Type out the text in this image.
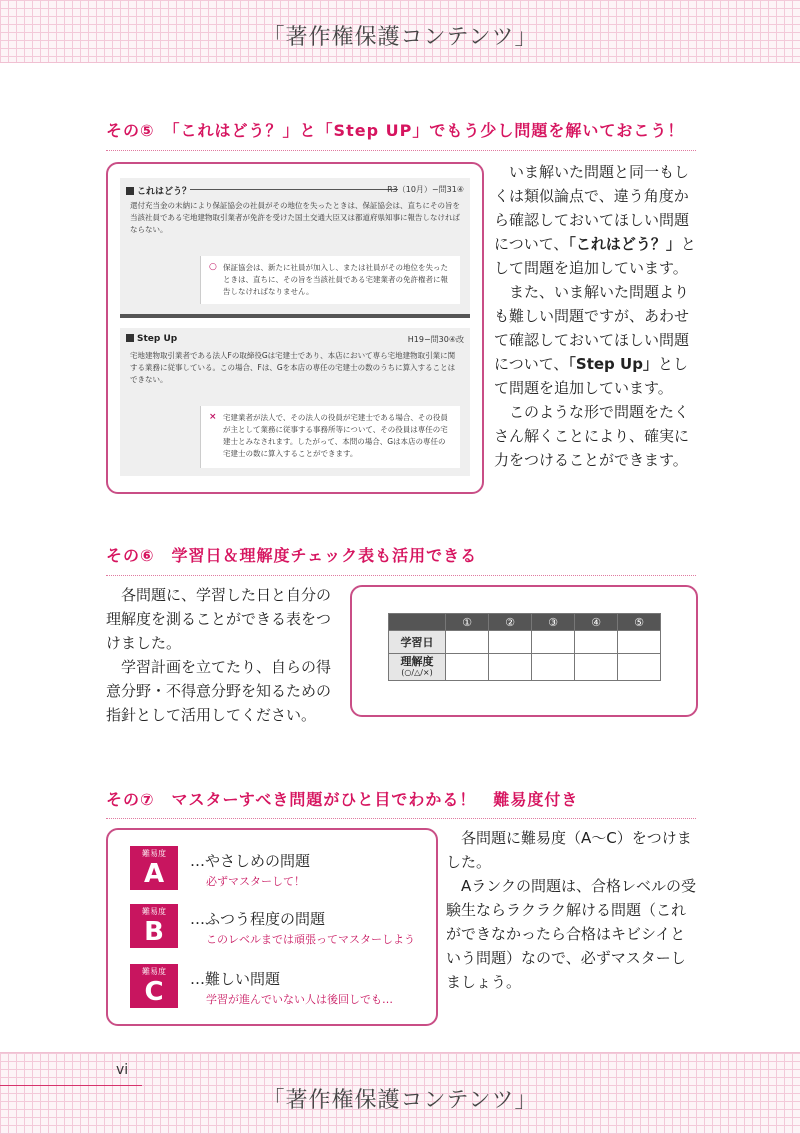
「著作権保護コンテンツ」
vi
「著作権保護コンテンツ」
その⑤　「これはどう？」と「Step UP」でもう少し問題を解いておこう！
これはどう？	R3（10月）−問31④
還付充当金の未納により保証協会の社員がその地位を失ったときは、保証協会は、直ちにその旨を当該社員である宅地建物取引業者が免許を受けた国土交通大臣又は都道府県知事に報告しなければならない。
○ 保証協会は、新たに社員が加入し、または社員がその地位を失ったときは、直ちに、その旨を当該社員である宅建業者の免許権者に報告しなければなりません。
Step Up	H19−問30④改
宅地建物取引業者である法人Fの取締役Gは宅建士であり、本店において専ら宅地建物取引業に関する業務に従事している。この場合、Fは、Gを本店の専任の宅建士の数のうちに算入することはできない。
× 宅建業者が法人で、その法人の役員が宅建士である場合、その役員が主として業務に従事する事務所等について、その役員は専任の宅建士とみなされます。したがって、本問の場合、Gは本店の専任の宅建士の数に算入することができます。

いま解いた問題と同一もしくは類似論点で、違う角度から確認しておいてほしい問題について、「これはどう？」として問題を追加しています。

また、いま解いた問題よりも難しい問題ですが、あわせて確認しておいてほしい問題について、「Step Up」として問題を追加しています。

このような形で問題をたくさん解くことにより、確実に力をつけることができます。

その⑥　学習日＆理解度チェック表も活用できる

各問題に、学習した日と自分の理解度を測ることができる表をつけました。

学習計画を立てたり、自らの得意分野・不得意分野を知るための指針として活用してください。

	①	②	③	④	⑤
学習日					
理解度
(○/△/×)					

その⑦　マスターすべき問題がひと目でわかる！　難易度付き
難易度
A	…やさしめの問題
必ずマスターして！
難易度
B	…ふつう程度の問題
このレベルまでは頑張ってマスターしよう
難易度
C	…難しい問題
学習が進んでいない人は後回しでも…

各問題に難易度（A～C）をつけました。

Aランクの問題は、合格レベルの受験生ならラクラク解ける問題（これができなかったら合格はキビシイという問題）なので、必ずマスターしましょう。
